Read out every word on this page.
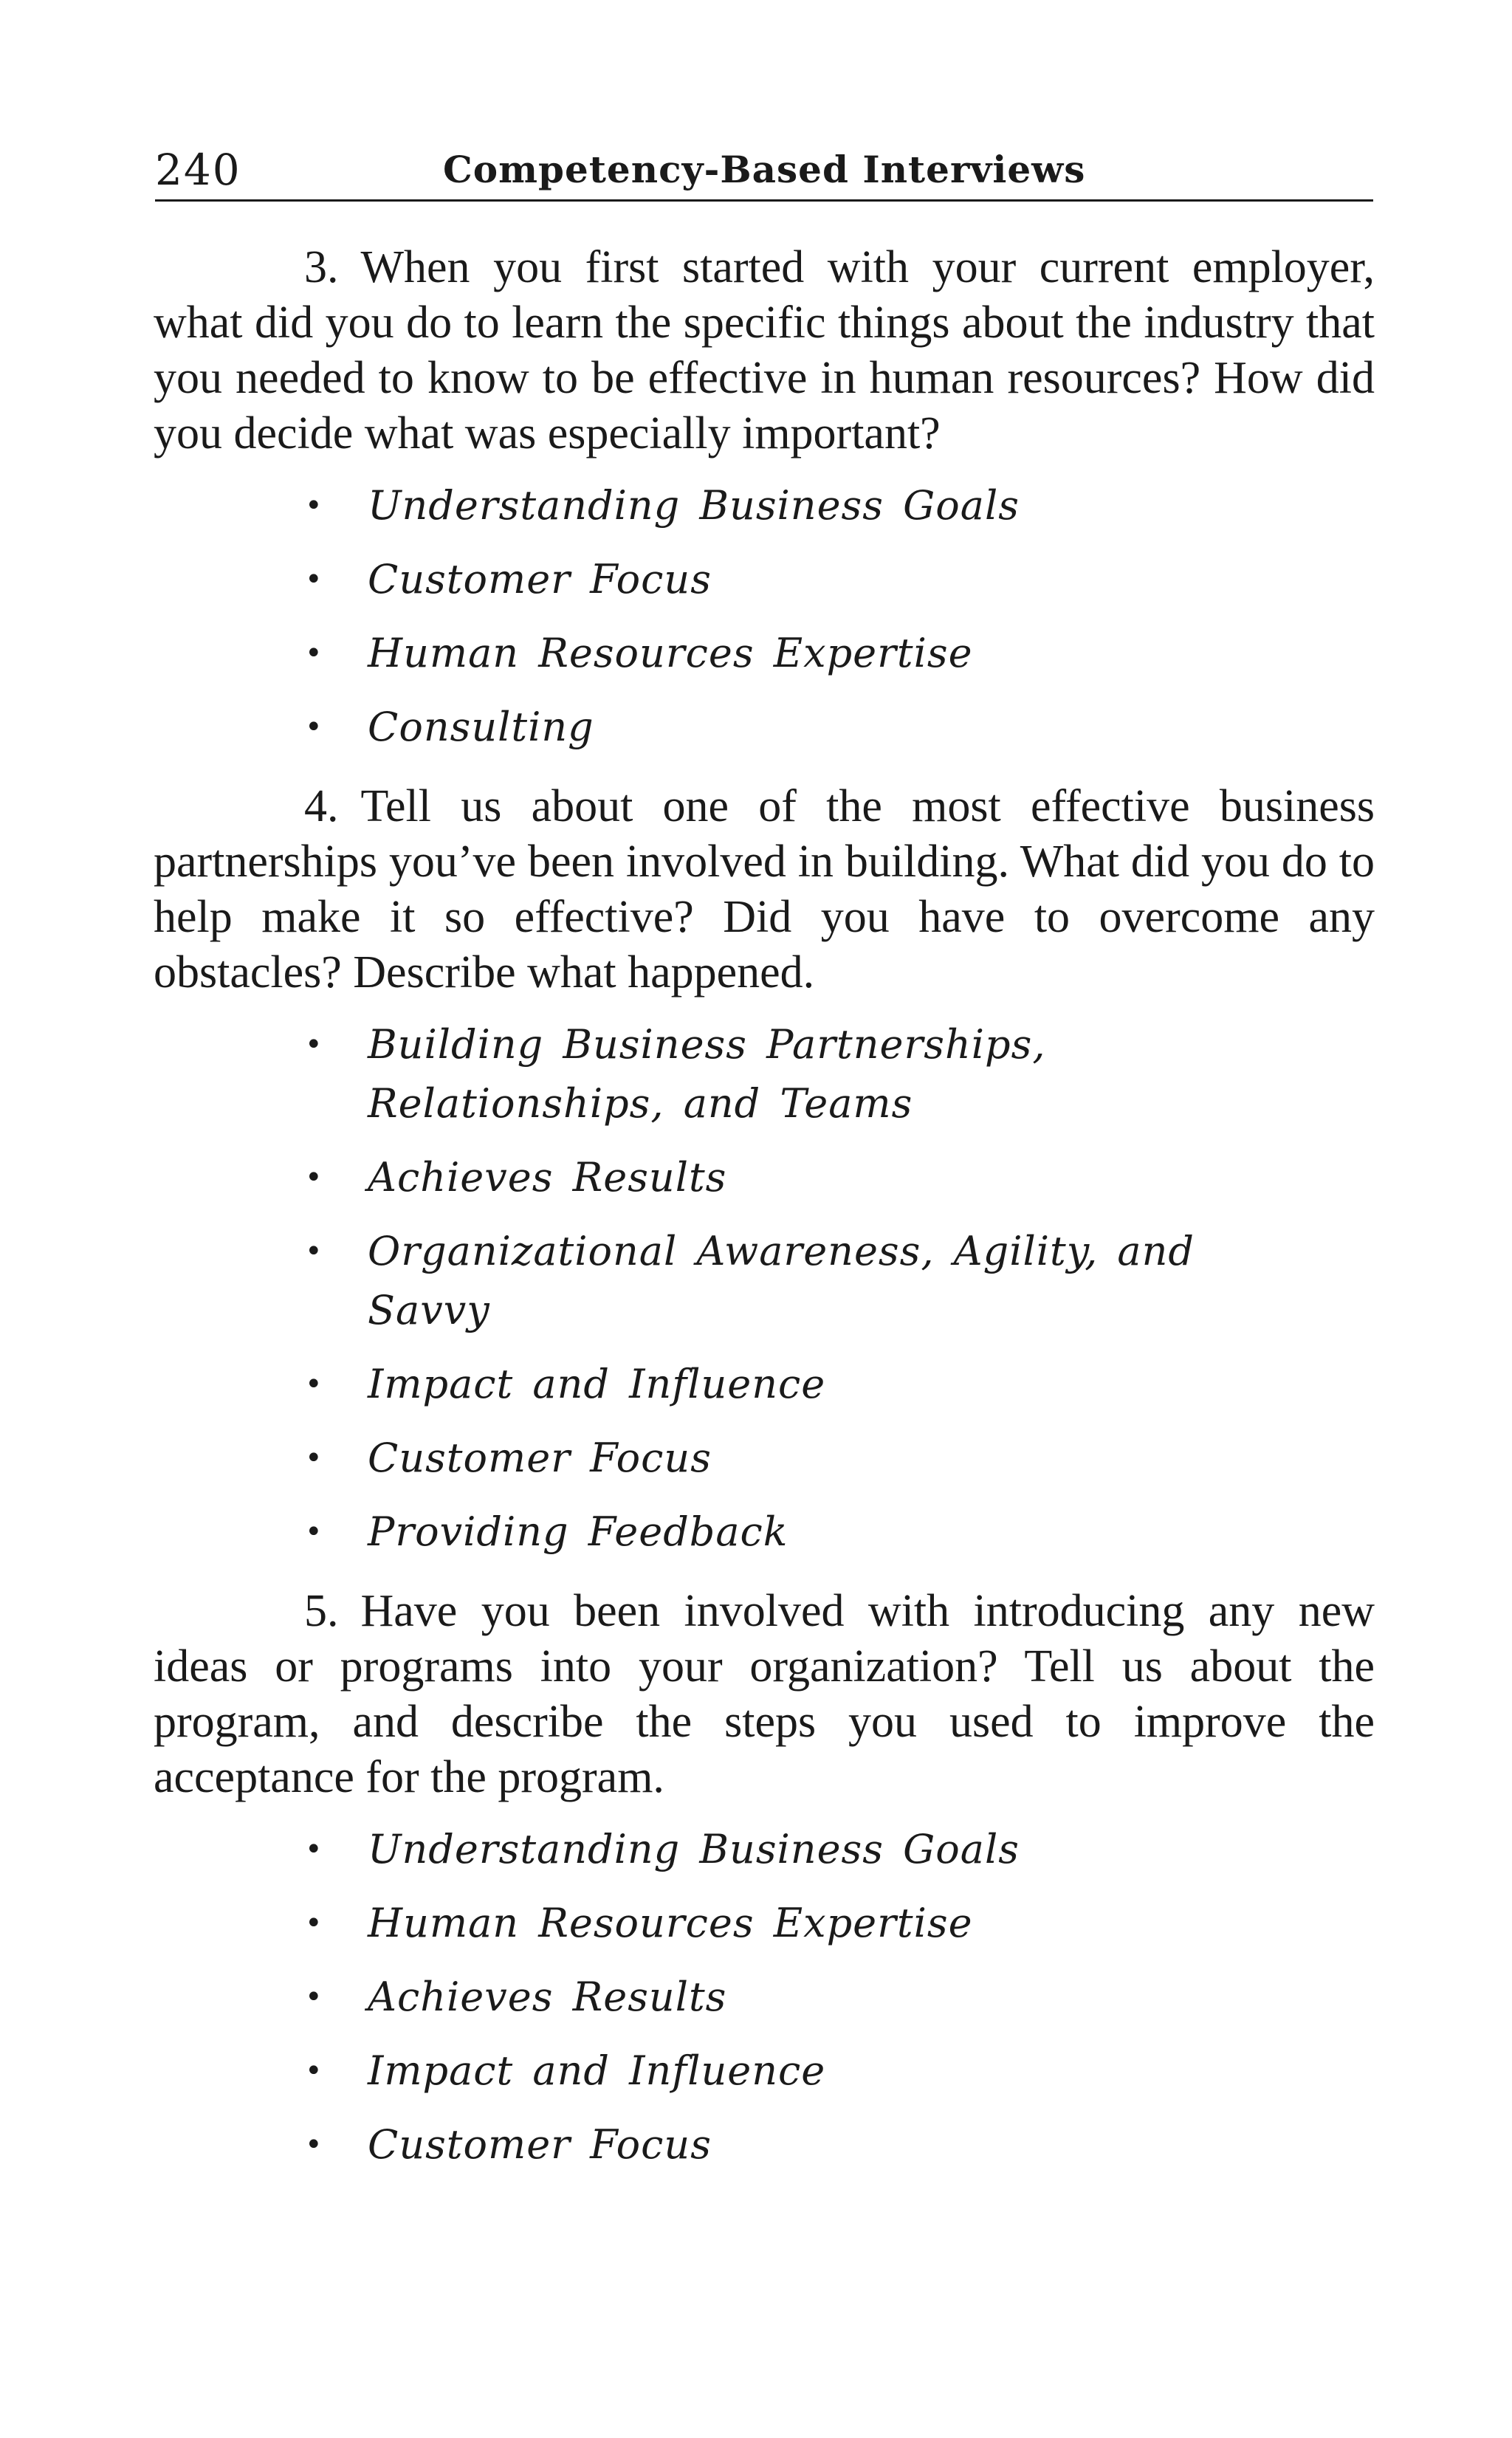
240	Competency-Based Interviews

3. When you first started with your current employer, what did you do to learn the specific things about the industry that you needed to know to be effective in human resources? How did you decide what was especially important?

• Understanding Business Goals
• Customer Focus
• Human Resources Expertise
• Consulting

4. Tell us about one of the most effective business partnerships you’ve been involved in building. What did you do to help make it so effective? Did you have to overcome any obstacles? Describe what happened.

• Building Business Partnerships, Relationships, and Teams
• Achieves Results
• Organizational Awareness, Agility, and Savvy
• Impact and Influence
• Customer Focus
• Providing Feedback

5. Have you been involved with introducing any new ideas or programs into your organization? Tell us about the program, and describe the steps you used to improve the acceptance for the program.

• Understanding Business Goals
• Human Resources Expertise
• Achieves Results
• Impact and Influence
• Customer Focus
